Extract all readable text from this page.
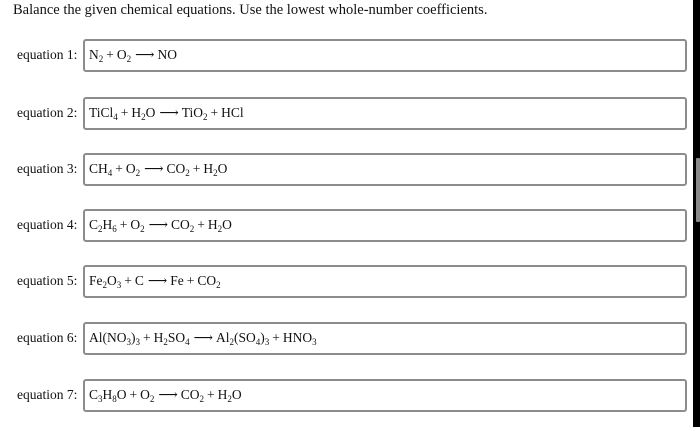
Balance the given chemical equations. Use the lowest whole-number coefficients.
equation 1: $N_2 + O_2$ ⟶ NO
equation 2: TiCl$_4$ + $H_2O$ ⟶ TiO$_2$ + HCl
equation 3: $CH_4 + O_2$ ⟶ $CO_2 + H_2O$
equation 4: $C_2H_6 + O_2$ ⟶ $CO_2 + H_2O$
equation 5: $Fe_2O_3 + C$ ⟶ $Fe + CO_2$
equation 6: $Al(NO_3)_3 + H_2SO_4$ ⟶ $Al_2(SO_4)_3 + HNO_3$
equation 7: $C_3H_8O + O_2$ ⟶ $CO_2 + H_2O$
